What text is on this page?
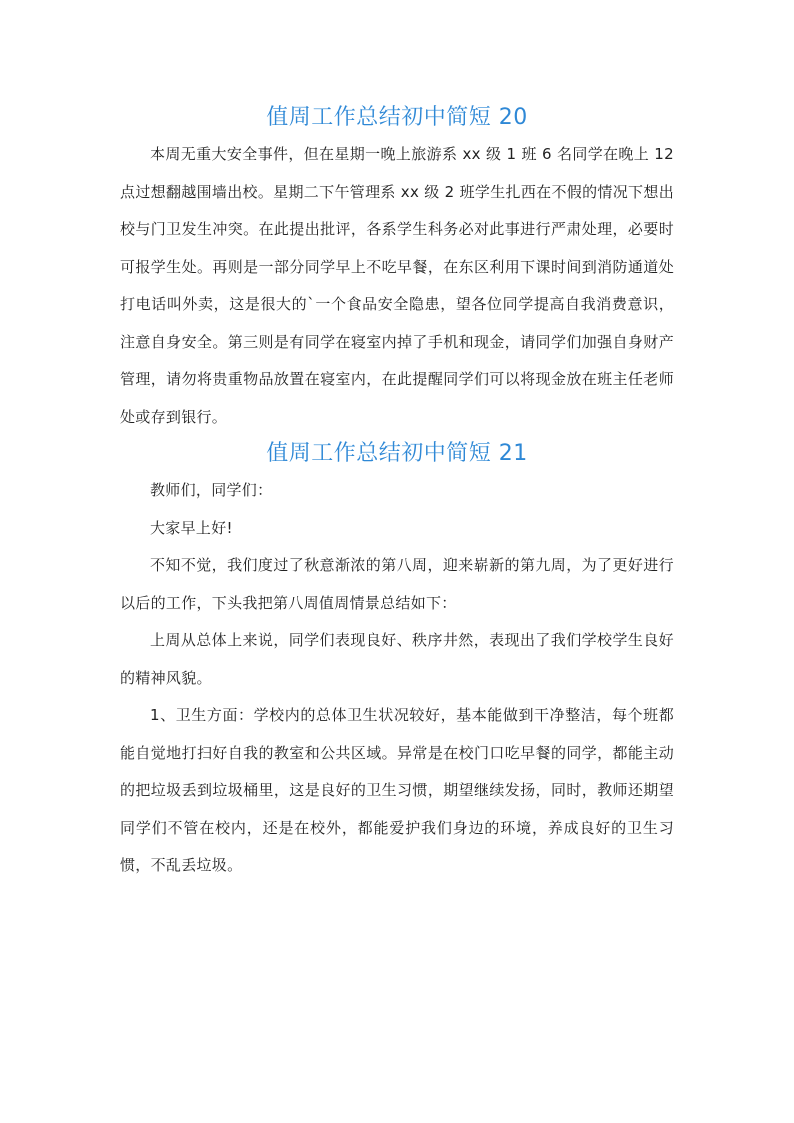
值周工作总结初中简短 20

本周无重大安全事件，但在星期一晚上旅游系 xx 级 1 班 6 名同学在晚上 12 点过想翻越围墙出校。星期二下午管理系 xx 级 2 班学生扎西在不假的情况下想出校与门卫发生冲突。在此提出批评，各系学生科务必对此事进行严肃处理，必要时可报学生处。再则是一部分同学早上不吃早餐，在东区利用下课时间到消防通道处打电话叫外卖，这是很大的`一个食品安全隐患，望各位同学提高自我消费意识，注意自身安全。第三则是有同学在寝室内掉了手机和现金，请同学们加强自身财产管理，请勿将贵重物品放置在寝室内，在此提醒同学们可以将现金放在班主任老师处或存到银行。

值周工作总结初中简短 21

教师们，同学们：

大家早上好!

不知不觉，我们度过了秋意渐浓的第八周，迎来崭新的第九周，为了更好进行以后的工作，下头我把第八周值周情景总结如下：

上周从总体上来说，同学们表现良好、秩序井然，表现出了我们学校学生良好的精神风貌。

1、卫生方面：学校内的总体卫生状况较好，基本能做到干净整洁，每个班都能自觉地打扫好自我的教室和公共区域。异常是在校门口吃早餐的同学，都能主动的把垃圾丢到垃圾桶里，这是良好的卫生习惯，期望继续发扬，同时，教师还期望同学们不管在校内，还是在校外，都能爱护我们身边的环境，养成良好的卫生习惯，不乱丢垃圾。
